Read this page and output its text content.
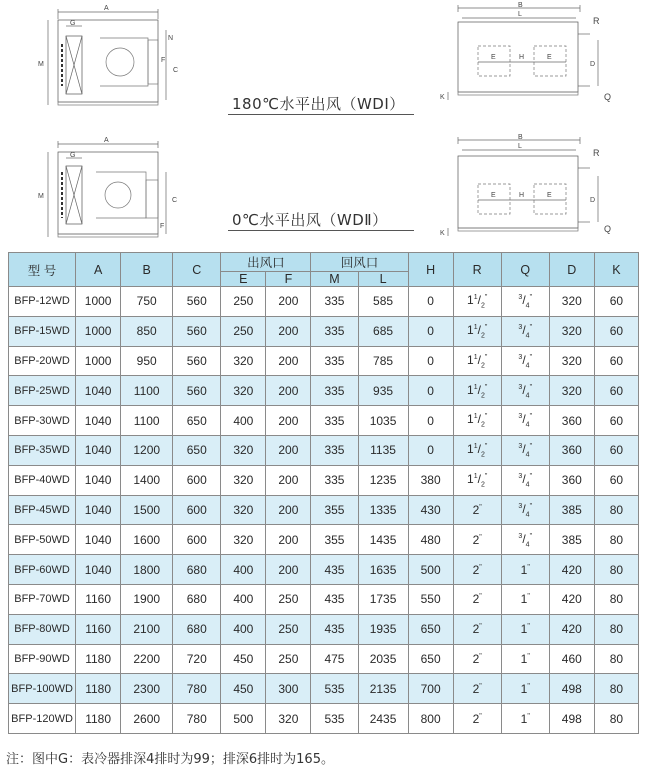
A
G
N
F
C
M
B
L
E	H	E
R
D
Q
K
A
G
C
F
M
B
L
E	H	E
R
D
Q
K
180℃水平出风（WDI）
0℃水平出风（WDⅡ）
型 号	A	B	C	出风口		回风口		H	R	Q	D	K
				E	F	M	L					
BFP-12WD	1000	750	560	250	200	335	585	0	$1^1/_2^"$	$^3/_4^"$	320	60
BFP-15WD	1000	850	560	250	200	335	685	0	$1^1/_2^"$	$^3/_4^"$	320	60
BFP-20WD	1000	950	560	320	200	335	785	0	$1^1/_2^"$	$^3/_4^"$	320	60
BFP-25WD	1040	1100	560	320	200	335	935	0	$1^1/_2^"$	$^3/_4^"$	320	60
BFP-30WD	1040	1100	650	400	200	335	1035	0	$1^1/_2^"$	$^3/_4^"$	360	60
BFP-35WD	1040	1200	650	320	200	335	1135	0	$1^1/_2^"$	$^3/_4^"$	360	60
BFP-40WD	1040	1400	600	320	200	335	1235	380	$1^1/_2^"$	$^3/_4^"$	360	60
BFP-45WD	1040	1500	600	320	200	355	1335	430	2"	$^3/_4^"$	385	80
BFP-50WD	1040	1600	600	320	200	355	1435	480	2"	$^3/_4^"$	385	80
BFP-60WD	1040	1800	680	400	200	435	1635	500	2"	1"	420	80
BFP-70WD	1160	1900	680	400	250	435	1735	550	2"	1"	420	80
BFP-80WD	1160	2100	680	400	250	435	1935	650	2"	1"	420	80
BFP-90WD	1180	2200	720	450	250	475	2035	650	2"	1"	460	80
BFP-100WD	1180	2300	780	450	300	535	2135	700	2"	1"	498	80
BFP-120WD	1180	2600	780	500	320	535	2435	800	2"	1"	498	80
注：图中G：表冷器排深4排时为99；排深6排时为165。
